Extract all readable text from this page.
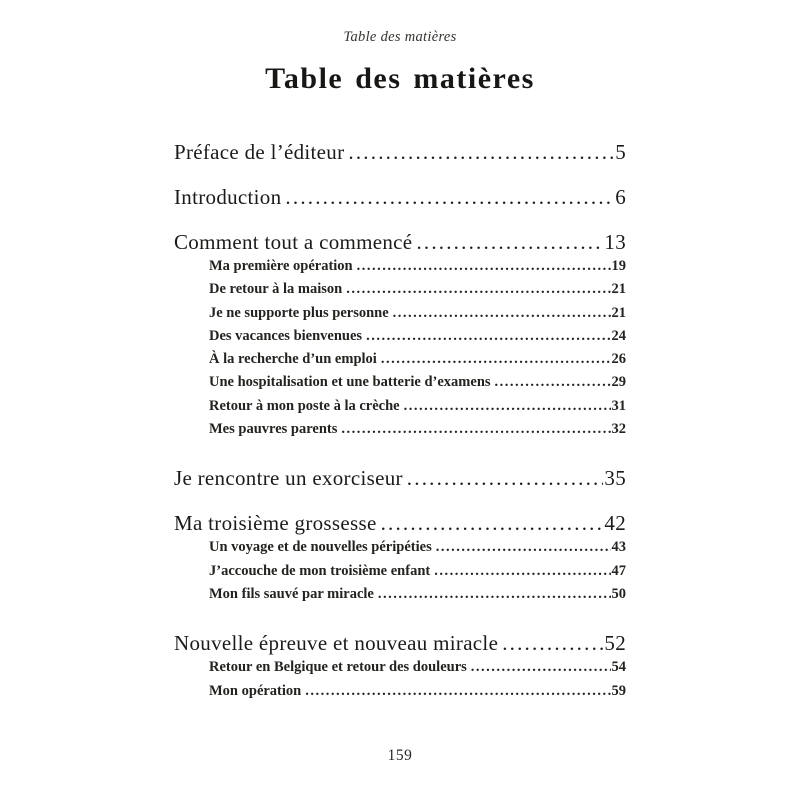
Table des matières
Table des matières
Préface de l’éditeur .....	5
Introduction .....	6
Comment tout a commencé .....	13
Ma première opération .....	19
De retour à la maison .....	21
Je ne supporte plus personne .....	21
Des vacances bienvenues .....	24
À la recherche d’un emploi .....	26
Une hospitalisation et une batterie d’examens .....	29
Retour à mon poste à la crèche .....	31
Mes pauvres parents .....	32
Je rencontre un exorciseur .....	35
Ma troisième grossesse .....	42
Un voyage et de nouvelles péripéties .....	43
J’accouche de mon troisième enfant .....	47
Mon fils sauvé par miracle .....	50
Nouvelle épreuve et nouveau miracle .....	52
Retour en Belgique et retour des douleurs .....	54
Mon opération .....	59
159
